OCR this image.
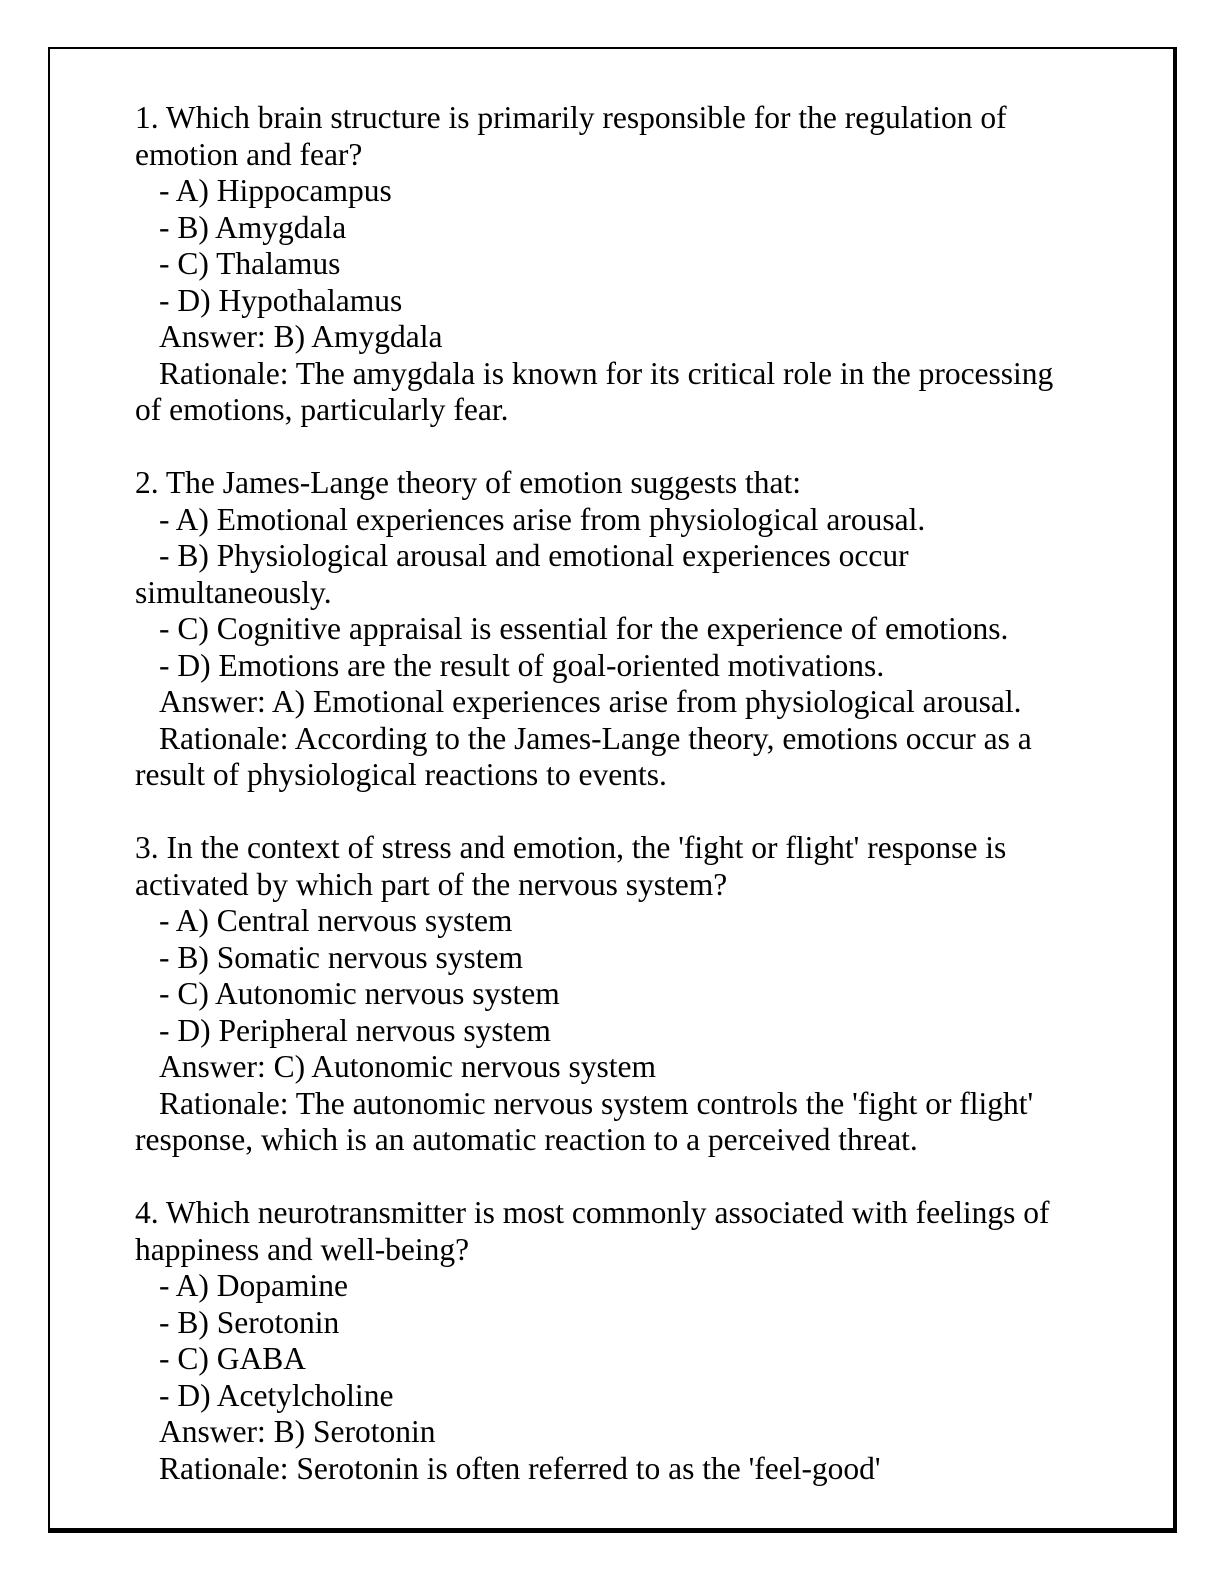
1. Which brain structure is primarily responsible for the regulation of emotion and fear?

- A) Hippocampus

- B) Amygdala

- C) Thalamus

- D) Hypothalamus

Answer: B) Amygdala

Rationale: The amygdala is known for its critical role in the processing of emotions, particularly fear.

2. The James-Lange theory of emotion suggests that:

- A) Emotional experiences arise from physiological arousal.

- B) Physiological arousal and emotional experiences occur simultaneously.

- C) Cognitive appraisal is essential for the experience of emotions.

- D) Emotions are the result of goal-oriented motivations.

Answer: A) Emotional experiences arise from physiological arousal.

Rationale: According to the James-Lange theory, emotions occur as a result of physiological reactions to events.

3. In the context of stress and emotion, the 'fight or flight' response is activated by which part of the nervous system?

- A) Central nervous system

- B) Somatic nervous system

- C) Autonomic nervous system

- D) Peripheral nervous system

Answer: C) Autonomic nervous system

Rationale: The autonomic nervous system controls the 'fight or flight' response, which is an automatic reaction to a perceived threat.

4. Which neurotransmitter is most commonly associated with feelings of happiness and well-being?

- A) Dopamine

- B) Serotonin

- C) GABA

- D) Acetylcholine

Answer: B) Serotonin

Rationale: Serotonin is often referred to as the 'feel-good'
